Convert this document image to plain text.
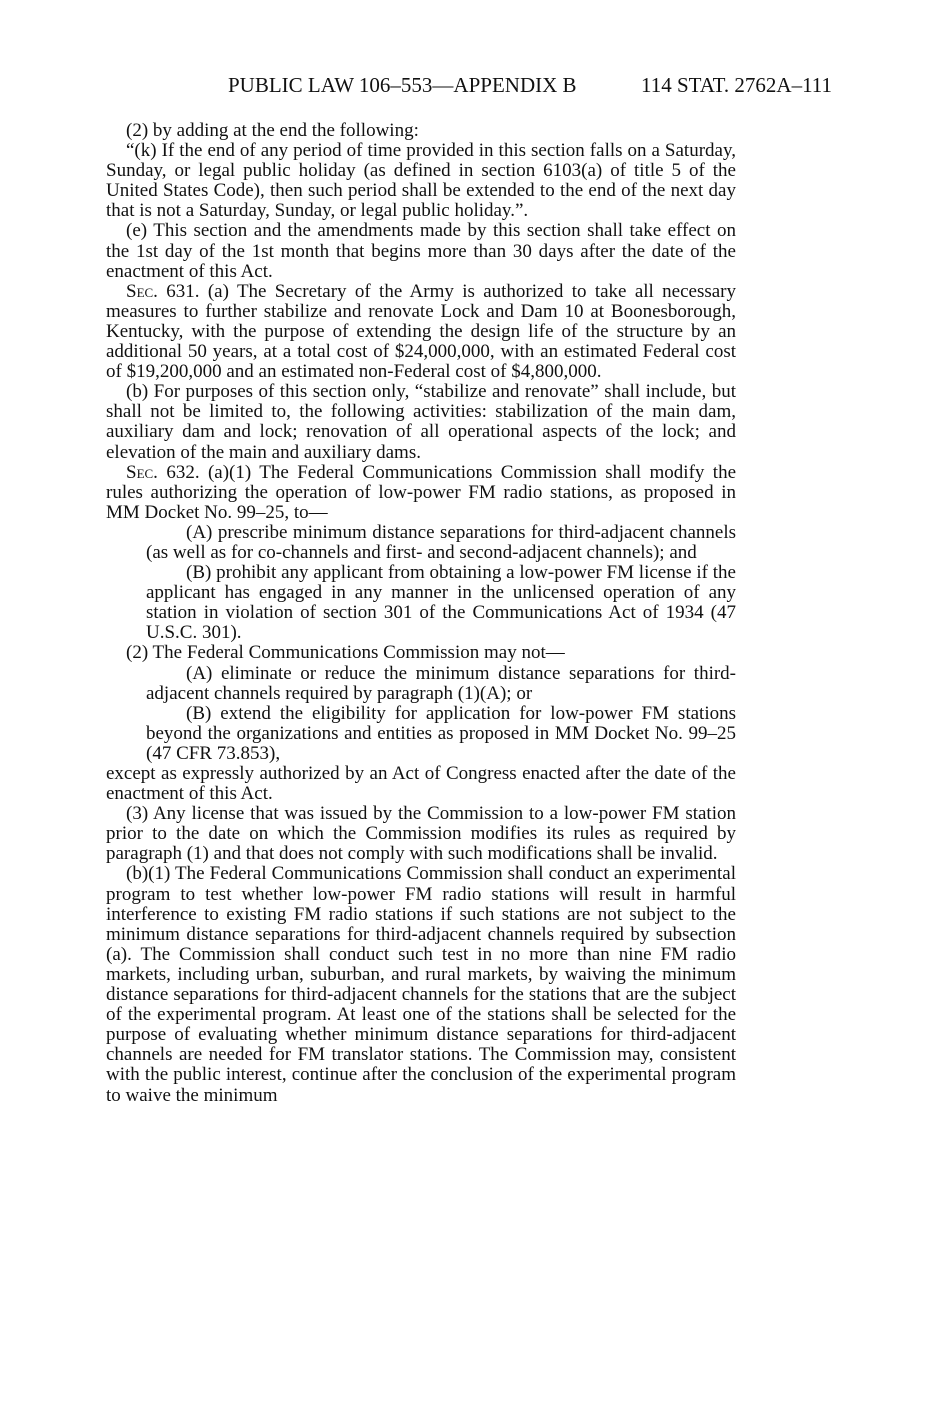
PUBLIC LAW 106–553—APPENDIX B	114 STAT. 2762A–111

(2) by adding at the end the following:

“(k) If the end of any period of time provided in this section falls on a Saturday, Sunday, or legal public holiday (as defined in section 6103(a) of title 5 of the United States Code), then such period shall be extended to the end of the next day that is not a Saturday, Sunday, or legal public holiday.”.

(e) This section and the amendments made by this section shall take effect on the 1st day of the 1st month that begins more than 30 days after the date of the enactment of this Act.

Sec. 631. (a) The Secretary of the Army is authorized to take all necessary measures to further stabilize and renovate Lock and Dam 10 at Boonesborough, Kentucky, with the purpose of extending the design life of the structure by an additional 50 years, at a total cost of $24,000,000, with an estimated Federal cost of $19,200,000 and an estimated non-Federal cost of $4,800,000.

(b) For purposes of this section only, “stabilize and renovate” shall include, but shall not be limited to, the following activities: stabilization of the main dam, auxiliary dam and lock; renovation of all operational aspects of the lock; and elevation of the main and auxiliary dams.

Sec. 632. (a)(1) The Federal Communications Commission shall modify the rules authorizing the operation of low-power FM radio stations, as proposed in MM Docket No. 99–25, to—

(A) prescribe minimum distance separations for third-adjacent channels (as well as for co-channels and first- and second-adjacent channels); and

(B) prohibit any applicant from obtaining a low-power FM license if the applicant has engaged in any manner in the unlicensed operation of any station in violation of section 301 of the Communications Act of 1934 (47 U.S.C. 301).

(2) The Federal Communications Commission may not—

(A) eliminate or reduce the minimum distance separations for third-adjacent channels required by paragraph (1)(A); or

(B) extend the eligibility for application for low-power FM stations beyond the organizations and entities as proposed in MM Docket No. 99–25 (47 CFR 73.853),

except as expressly authorized by an Act of Congress enacted after the date of the enactment of this Act.

(3) Any license that was issued by the Commission to a low-power FM station prior to the date on which the Commission modifies its rules as required by paragraph (1) and that does not comply with such modifications shall be invalid.

(b)(1) The Federal Communications Commission shall conduct an experimental program to test whether low-power FM radio stations will result in harmful interference to existing FM radio stations if such stations are not subject to the minimum distance separations for third-adjacent channels required by subsection (a). The Commission shall conduct such test in no more than nine FM radio markets, including urban, suburban, and rural markets, by waiving the minimum distance separations for third-adjacent channels for the stations that are the subject of the experimental program. At least one of the stations shall be selected for the purpose of evaluating whether minimum distance separations for third-adjacent channels are needed for FM translator stations. The Commission may, consistent with the public interest, continue after the conclusion of the experimental program to waive the minimum
